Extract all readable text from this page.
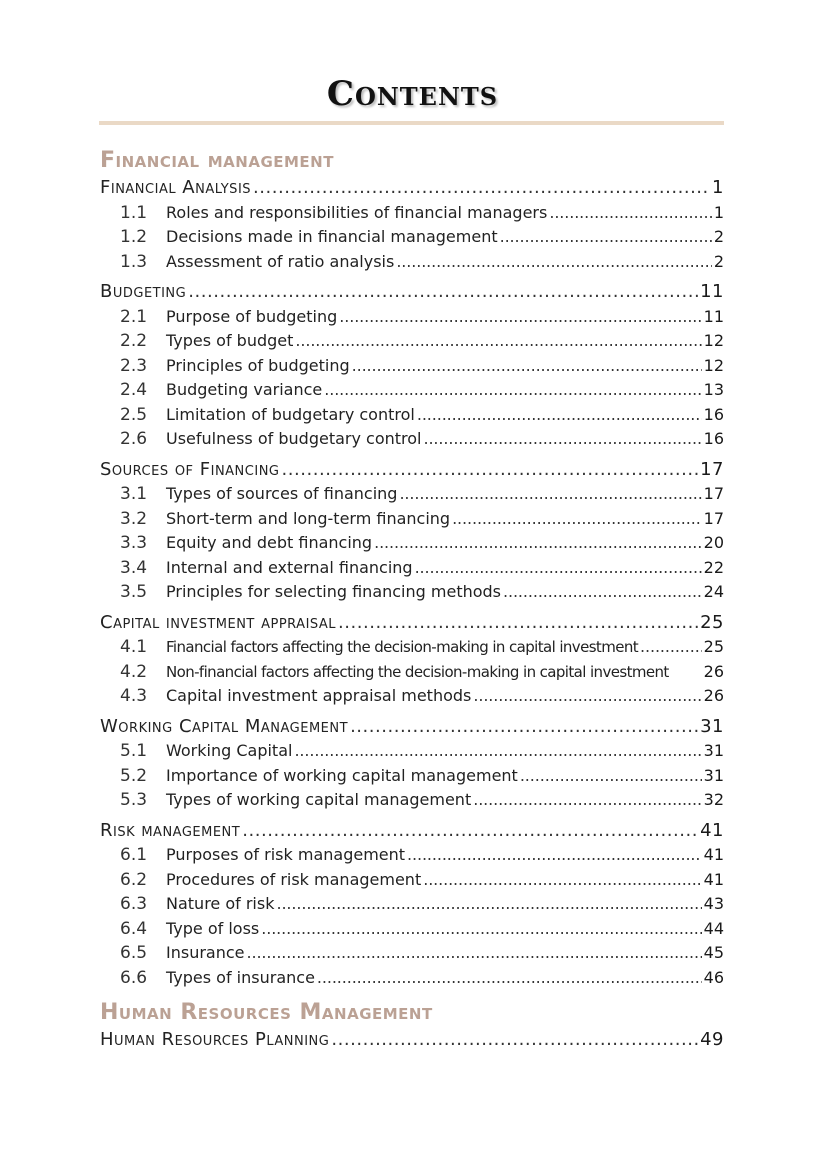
Contents
Financial management
Financial Analysis . . .	1
1.1	Roles and responsibilities of financial managers . . .	1
1.2	Decisions made in financial management . . .	2
1.3	Assessment of ratio analysis . . .	2
Budgeting . . .	11
2.1	Purpose of budgeting . . .	11
2.2	Types of budget . . .	12
2.3	Principles of budgeting . . .	12
2.4	Budgeting variance . . .	13
2.5	Limitation of budgetary control . . .	16
2.6	Usefulness of budgetary control . . .	16
Sources of Financing . . .	17
3.1	Types of sources of financing . . .	17
3.2	Short-term and long-term financing . . .	17
3.3	Equity and debt financing . . .	20
3.4	Internal and external financing . . .	22
3.5	Principles for selecting financing methods . . .	24
Capital investment appraisal . . .	25
4.1	Financial factors affecting the decision-making in capital investment . . .	25
4.2	Non-financial factors affecting the decision-making in capital investment 26
4.3	Capital investment appraisal methods . . .	26
Working Capital Management . . .	31
5.1	Working Capital . . .	31
5.2	Importance of working capital management . . .	31
5.3	Types of working capital management . . .	32
Risk management . . .	41
6.1	Purposes of risk management . . .	41
6.2	Procedures of risk management . . .	41
6.3	Nature of risk . . .	43
6.4	Type of loss . . .	44
6.5	Insurance . . .	45
6.6	Types of insurance . . .	46
Human Resources Management
Human Resources Planning . . .	49
